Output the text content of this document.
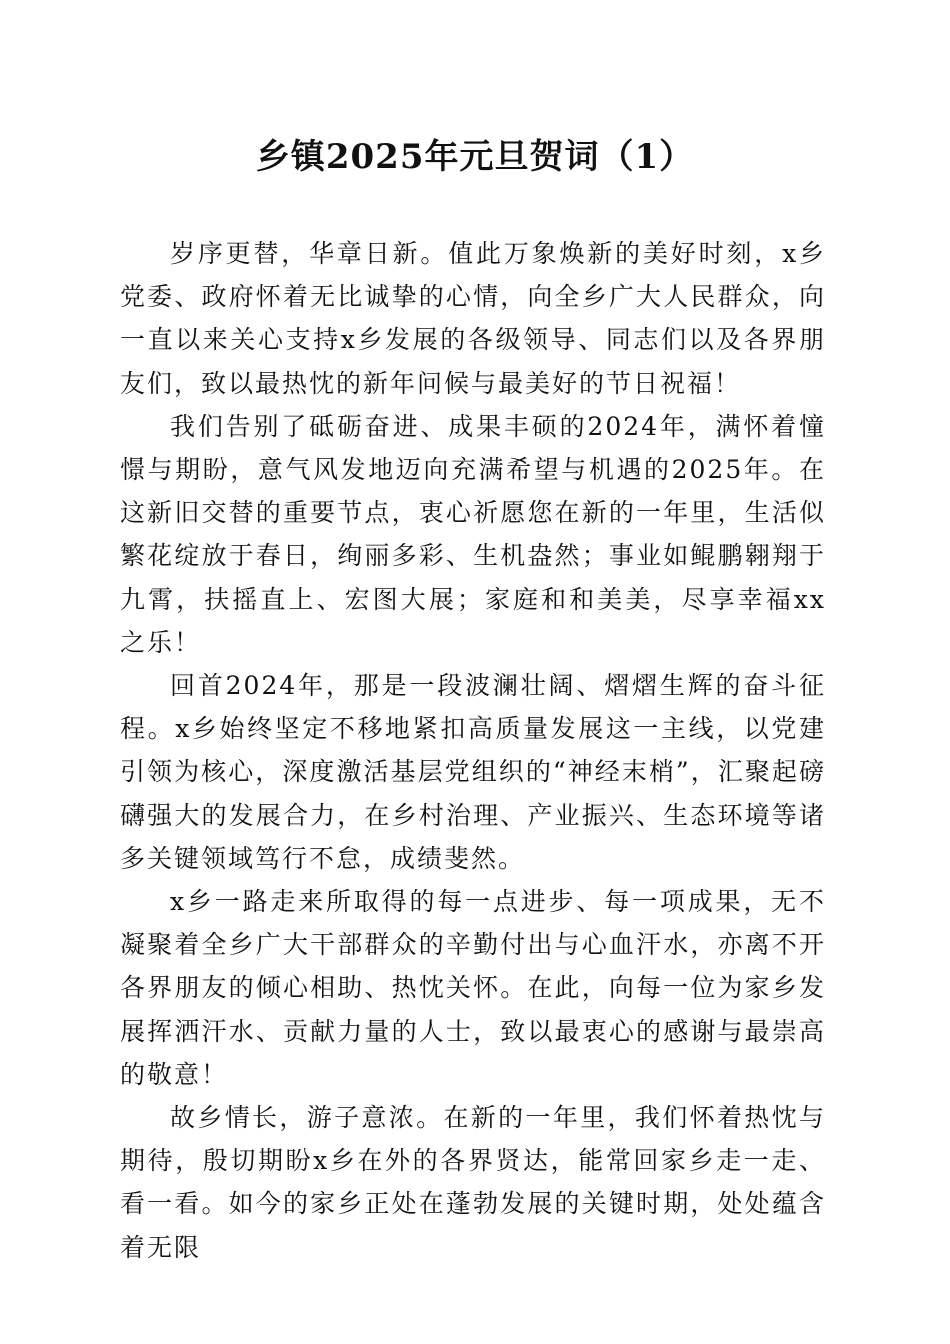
乡镇2025年元旦贺词（1）

岁序更替，华章日新。值此万象焕新的美好时刻，x乡党委、政府怀着无比诚挚的心情，向全乡广大人民群众，向一直以来关心支持x乡发展的各级领导、同志们以及各界朋友们，致以最热忱的新年问候与最美好的节日祝福！

我们告别了砥砺奋进、成果丰硕的2024年，满怀着憧憬与期盼，意气风发地迈向充满希望与机遇的2025年。在这新旧交替的重要节点，衷心祈愿您在新的一年里，生活似繁花绽放于春日，绚丽多彩、生机盎然；事业如鲲鹏翱翔于九霄，扶摇直上、宏图大展；家庭和和美美，尽享幸福xx之乐！

回首2024年，那是一段波澜壮阔、熠熠生辉的奋斗征程。x乡始终坚定不移地紧扣高质量发展这一主线，以党建引领为核心，深度激活基层党组织的“神经末梢”，汇聚起磅礴强大的发展合力，在乡村治理、产业振兴、生态环境等诸多关键领域笃行不怠，成绩斐然。

x乡一路走来所取得的每一点进步、每一项成果，无不凝聚着全乡广大干部群众的辛勤付出与心血汗水，亦离不开各界朋友的倾心相助、热忱关怀。在此，向每一位为家乡发展挥洒汗水、贡献力量的人士，致以最衷心的感谢与最崇高的敬意！

故乡情长，游子意浓。在新的一年里，我们怀着热忱与期待，殷切期盼x乡在外的各界贤达，能常回家乡走一走、看一看。如今的家乡正处在蓬勃发展的关键时期，处处蕴含着无限
